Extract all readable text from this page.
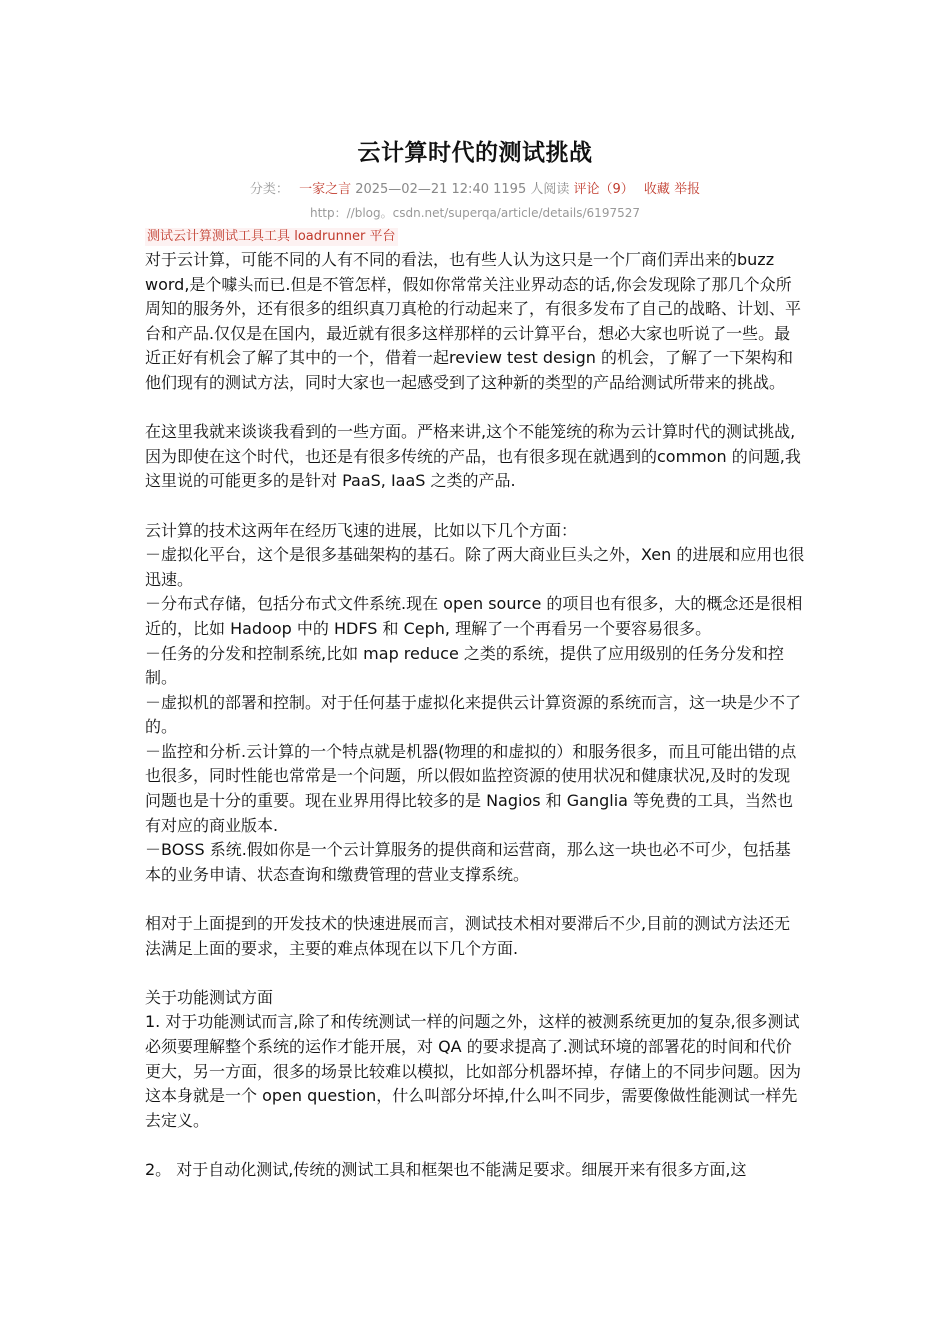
云计算时代的测试挑战
分类： 一家之言 2025—02—21 12:40 1195 人阅读 评论（9） 收藏 举报
http：//blog。csdn.net/superqa/article/details/6197527
测试云计算测试工具工具 loadrunner 平台

对于云计算，可能不同的人有不同的看法，也有些人认为这只是一个厂商们弄出来的buzz word,是个噱头而已.但是不管怎样，假如你常常关注业界动态的话,你会发现除了那几个众所周知的服务外，还有很多的组织真刀真枪的行动起来了，有很多发布了自己的战略、计划、平台和产品.仅仅是在国内，最近就有很多这样那样的云计算平台，想必大家也听说了一些。最近正好有机会了解了其中的一个，借着一起review test design 的机会，了解了一下架构和他们现有的测试方法，同时大家也一起感受到了这种新的类型的产品给测试所带来的挑战。

在这里我就来谈谈我看到的一些方面。严格来讲,这个不能笼统的称为云计算时代的测试挑战,因为即使在这个时代，也还是有很多传统的产品，也有很多现在就遇到的common 的问题,我这里说的可能更多的是针对 PaaS, IaaS 之类的产品.

云计算的技术这两年在经历飞速的进展，比如以下几个方面：

－虚拟化平台，这个是很多基础架构的基石。除了两大商业巨头之外，Xen 的进展和应用也很迅速。

－分布式存储，包括分布式文件系统.现在 open source 的项目也有很多，大的概念还是很相近的，比如 Hadoop 中的 HDFS 和 Ceph, 理解了一个再看另一个要容易很多。

－任务的分发和控制系统,比如 map reduce 之类的系统，提供了应用级别的任务分发和控制。

－虚拟机的部署和控制。对于任何基于虚拟化来提供云计算资源的系统而言，这一块是少不了的。

－监控和分析.云计算的一个特点就是机器(物理的和虚拟的）和服务很多，而且可能出错的点也很多，同时性能也常常是一个问题，所以假如监控资源的使用状况和健康状况,及时的发现问题也是十分的重要。现在业界用得比较多的是 Nagios 和 Ganglia 等免费的工具，当然也有对应的商业版本.

－BOSS 系统.假如你是一个云计算服务的提供商和运营商，那么这一块也必不可少，包括基本的业务申请、状态查询和缴费管理的营业支撑系统。

相对于上面提到的开发技术的快速进展而言，测试技术相对要滞后不少,目前的测试方法还无法满足上面的要求，主要的难点体现在以下几个方面.

关于功能测试方面

1. 对于功能测试而言,除了和传统测试一样的问题之外，这样的被测系统更加的复杂,很多测试必须要理解整个系统的运作才能开展，对 QA 的要求提高了.测试环境的部署花的时间和代价更大，另一方面，很多的场景比较难以模拟，比如部分机器坏掉，存储上的不同步问题。因为这本身就是一个 open question，什么叫部分坏掉,什么叫不同步，需要像做性能测试一样先去定义。

2。 对于自动化测试,传统的测试工具和框架也不能满足要求。细展开来有很多方面,这
